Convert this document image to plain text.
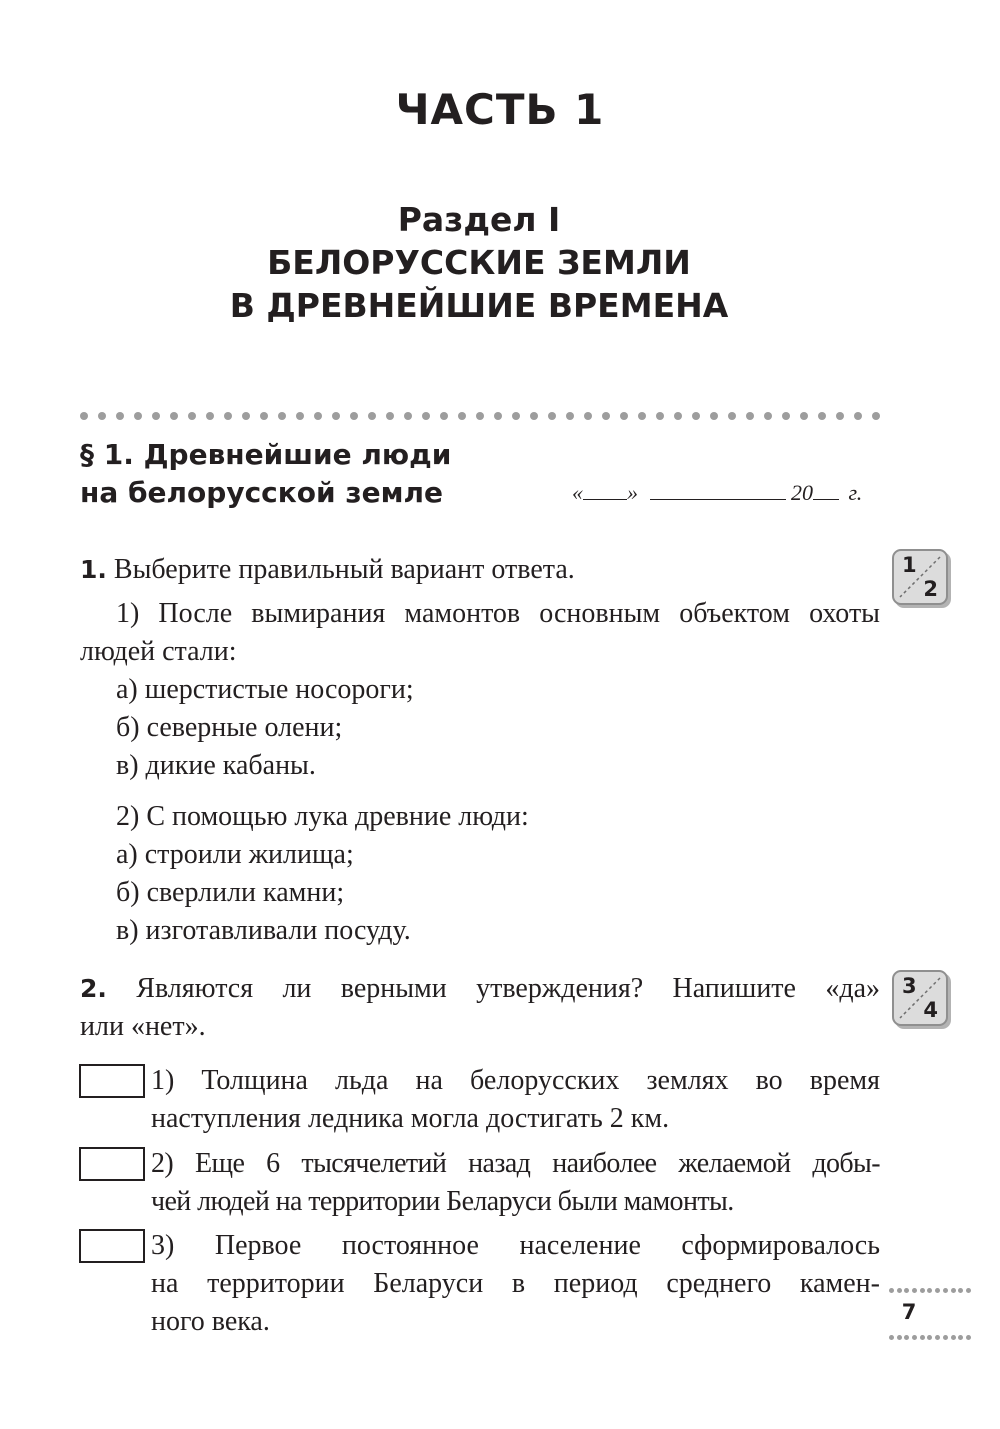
ЧАСТЬ 1
Раздел I
БЕЛОРУССКИЕ ЗЕМЛИ
В ДРЕВНЕЙШИЕ ВРЕМЕНА
§ 1. Древнейшие люди
на белорусской земле	« »	20 г.
1. Выберите правильный вариант ответа.	1
2
1) После вымирания мамонтов основным объектом охоты людей стали:
а) шерстистые носороги;
б) северные олени;
в) дикие кабаны.
2) С помощью лука древние люди:
а) строили жилища;
б) сверлили камни;
в) изготавливали посуду.
2. Являются ли верными утверждения? Напишите «да»
или «нет».
3
4
1) Толщина льда на белорусских землях во время
наступления ледника могла достигать 2 км.
2) Еще 6 тысячелетий назад наиболее желаемой добы-
чей людей на территории Беларуси были мамонты.
3) Первое постоянное население сформировалось
на территории Беларуси в период среднего камен-
ного века.	7
